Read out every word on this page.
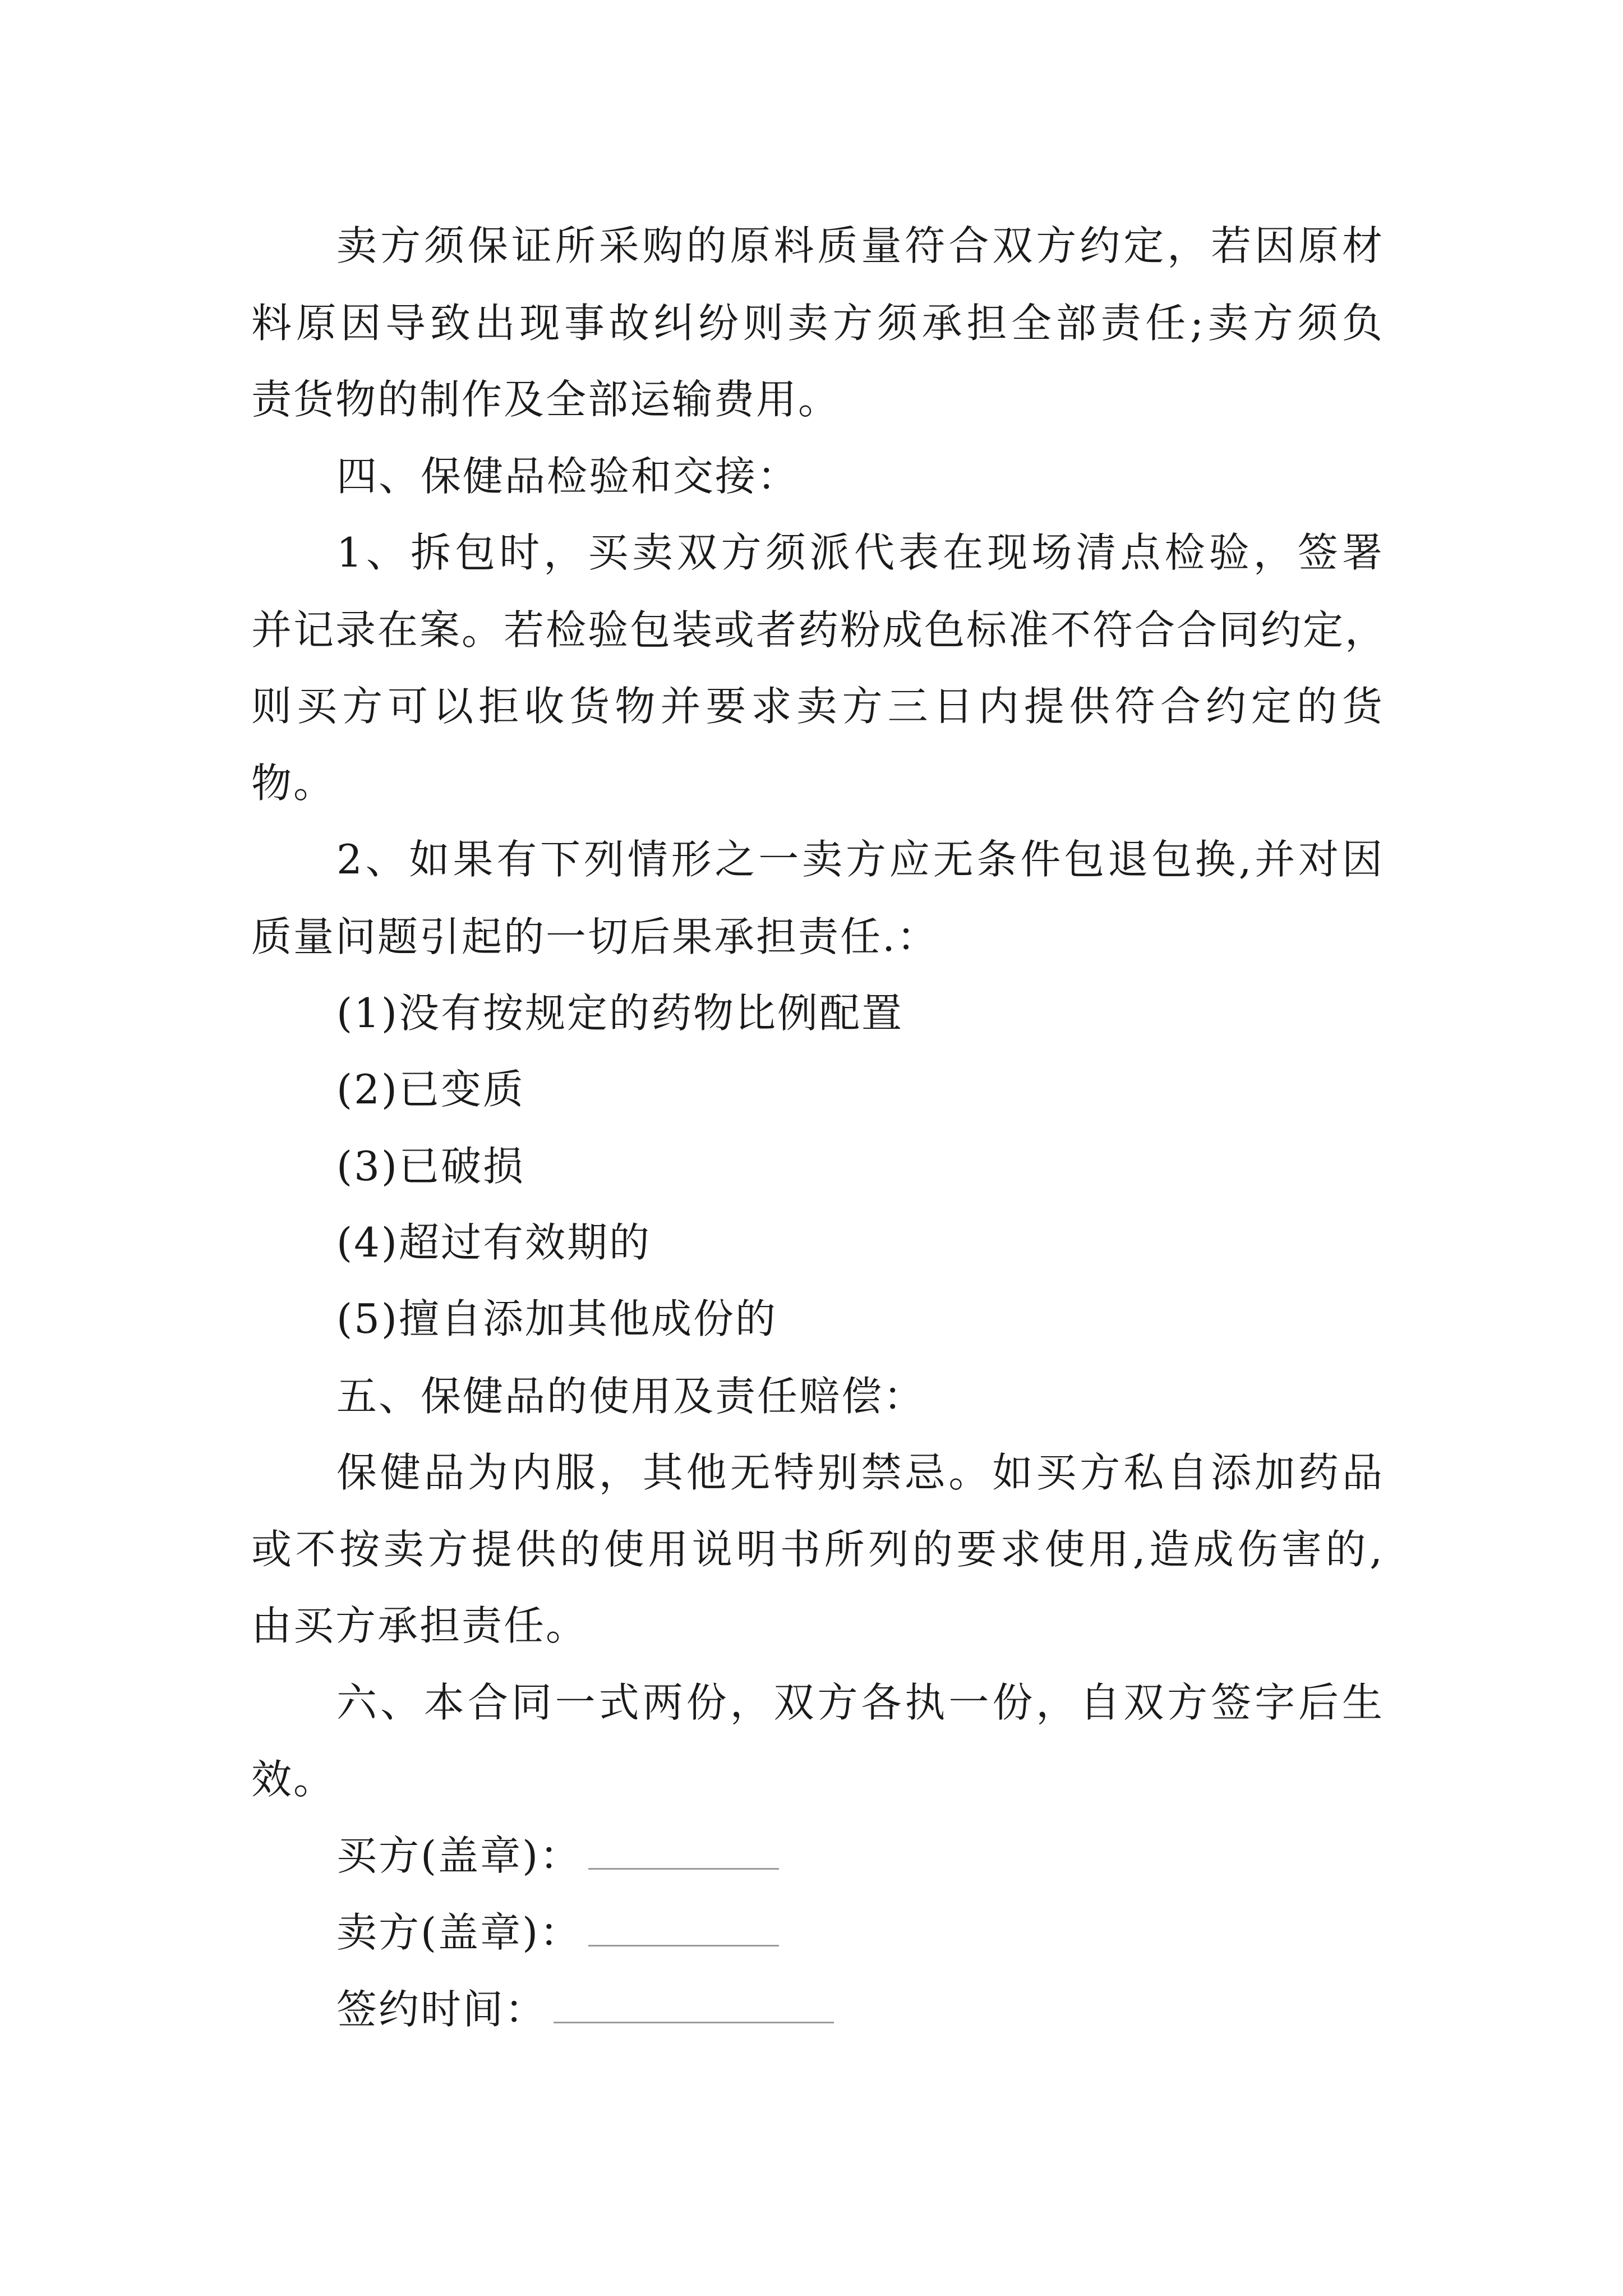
卖方须保证所采购的原料质量符合双方约定，若因原材
料原因导致出现事故纠纷则卖方须承担全部责任;卖方须负
责货物的制作及全部运输费用。
四、保健品检验和交接：
1、拆包时，买卖双方须派代表在现场清点检验，签署
并记录在案。若检验包装或者药粉成色标准不符合合同约定，
则买方可以拒收货物并要求卖方三日内提供符合约定的货
物。
2、如果有下列情形之一卖方应无条件包退包换,并对因
质量问题引起的一切后果承担责任.：
(1)没有按规定的药物比例配置
(2)已变质
(3)已破损
(4)超过有效期的
(5)擅自添加其他成份的
五、保健品的使用及责任赔偿：
保健品为内服，其他无特别禁忌。如买方私自添加药品
或不按卖方提供的使用说明书所列的要求使用,造成伤害的,
由买方承担责任。
六、本合同一式两份，双方各执一份，自双方签字后生
效。
买方(盖章)：
卖方(盖章)：
签约时间：
